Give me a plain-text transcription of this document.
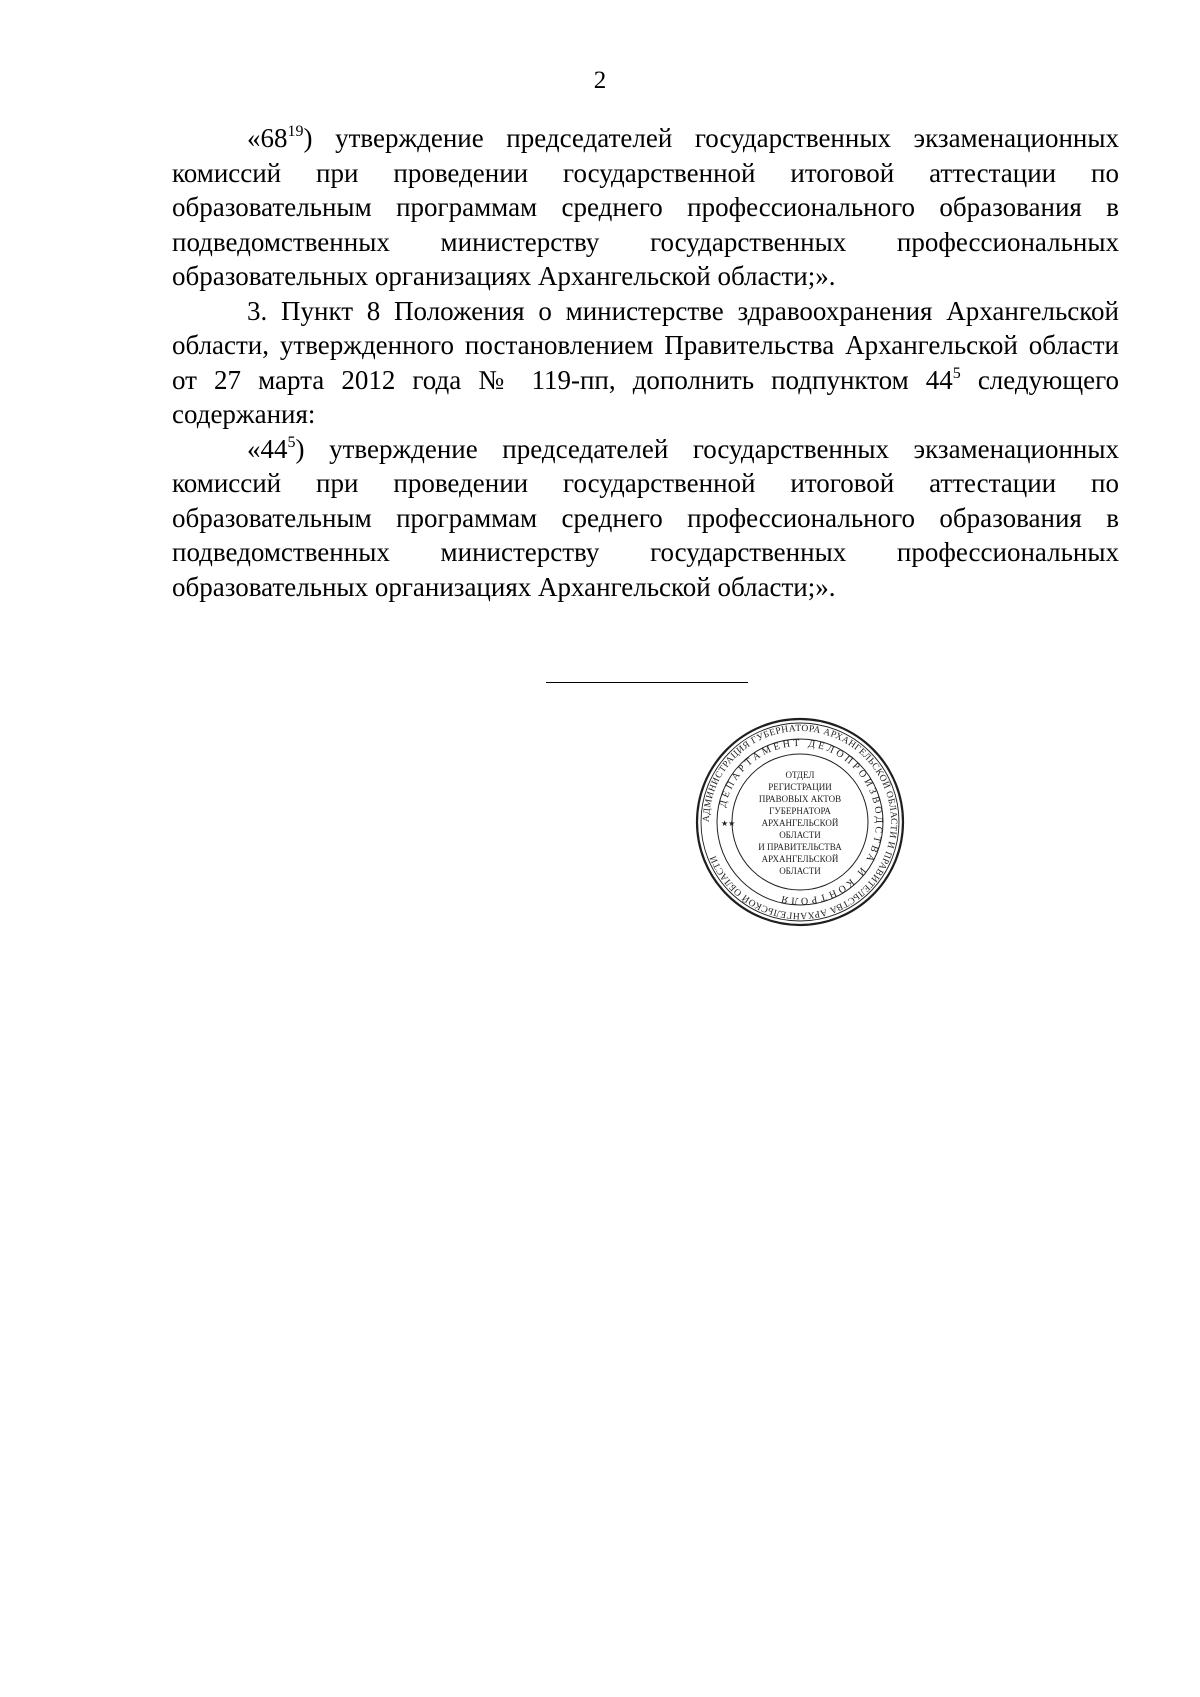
2

«$68^{19}$) утверждение председателей государственных экзаменационных комиссий при проведении государственной итоговой аттестации по образовательным программам среднего профессионального образования в подведомственных министерству государственных профессиональных образовательных организациях Архангельской области;».

3. Пункт 8 Положения о министерстве здравоохранения Архангельской области, утвержденного постановлением Правительства Архангельской области от 27 марта 2012 года № 119-пп, дополнить подпунктом $44^5$ следующего содержания:

«$44^5$) утверждение председателей государственных экзаменационных комиссий при проведении государственной итоговой аттестации по образовательным программам среднего профессионального образования в подведомственных министерству государственных профессиональных образовательных организациях Архангельской области;».

АДМИНИСТРАЦИЯ ГУБЕРНАТОРА АРХАНГЕЛЬСКОЙ ОБЛАСТИ И ПРАВИТЕЛЬСТВА АРХАНГЕЛЬСКОЙ ОБЛАСТИ
ДЕПАРТАМЕНТ ДЕЛОПРОИЗВОДСТВА И КОНТРОЛЯ
ОТДЕЛ
РЕГИСТРАЦИИ
ПРАВОВЫХ АКТОВ
ГУБЕРНАТОРА
АРХАНГЕЛЬСКОЙ
ОБЛАСТИ
И ПРАВИТЕЛЬСТВА
АРХАНГЕЛЬСКОЙ
ОБЛАСТИ
★★
